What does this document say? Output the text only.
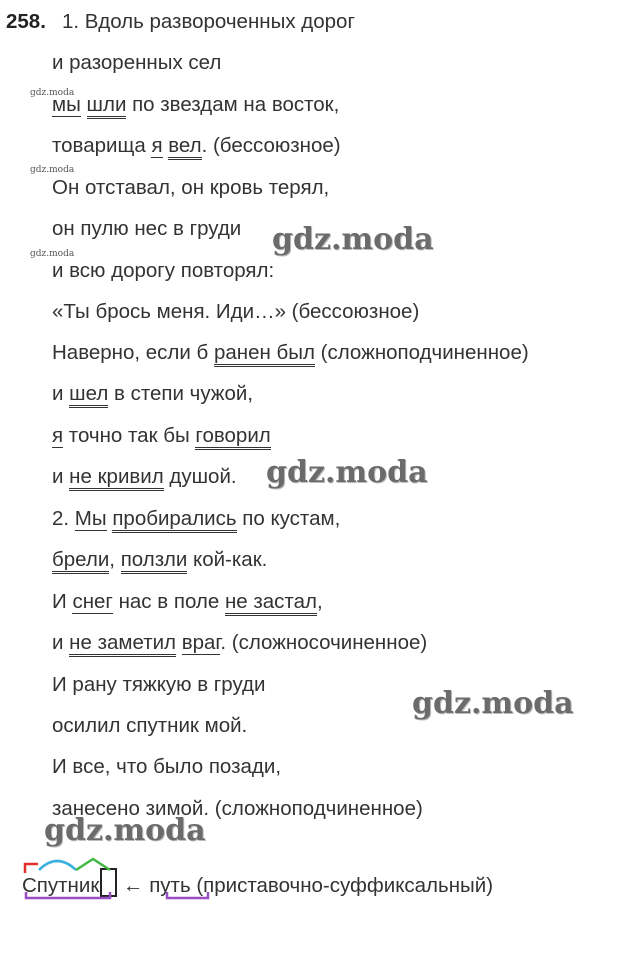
258. 1. Вдоль развороченных дорог
и разоренных сел
мы шли по звездам на восток,
товарища я вел. (бессоюзное)
Он отставал, он кровь терял,
он пулю нес в груди
и всю дорогу повторял:
«Ты брось меня. Иди…» (бессоюзное)
Наверно, если б ранен был (сложноподчиненное)
и шел в степи чужой,
я точно так бы говорил
и не кривил душой.
2. Мы пробирались по кустам,
брели, ползли кой-как.
И снег нас в поле не застал,
и не заметил враг. (сложносочиненное)
И рану тяжкую в груди
осилил спутник мой.
И все, что было позади,
занесено зимой. (сложноподчиненное)
gdz.moda
gdz.moda
gdz.moda	gdz.moda
gdz.moda
gdz.moda
gdz.moda
Спутник ← путь (приставочно-суффиксальный)
